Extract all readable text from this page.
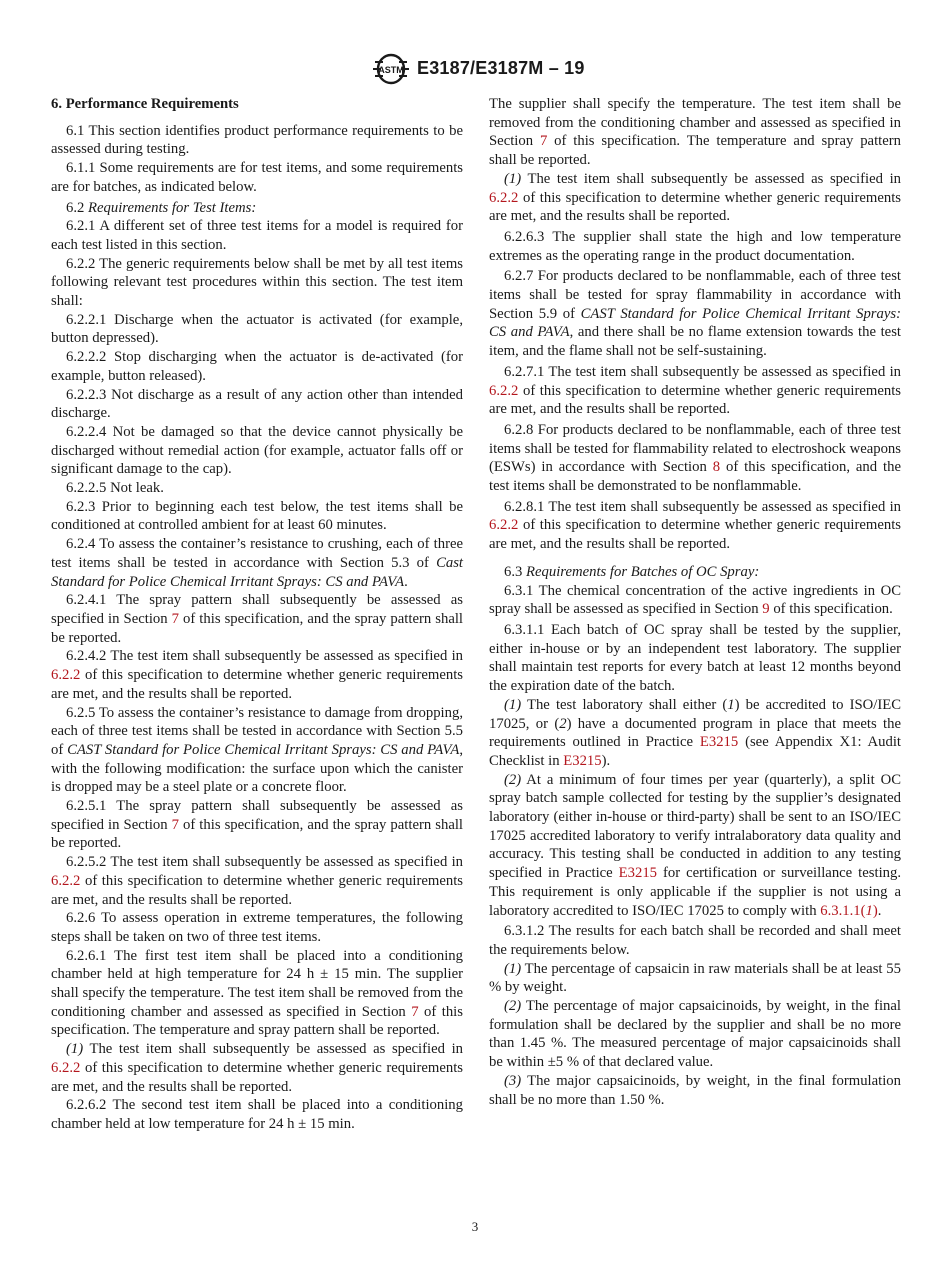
ASTM E3187/E3187M – 19
6. Performance Requirements

6.1 This section identifies product performance requirements to be assessed during testing.

6.1.1 Some requirements are for test items, and some requirements are for batches, as indicated below.

6.2 Requirements for Test Items:

6.2.1 A different set of three test items for a model is required for each test listed in this section.

6.2.2 The generic requirements below shall be met by all test items following relevant test procedures within this section. The test item shall:

6.2.2.1 Discharge when the actuator is activated (for example, button depressed).

6.2.2.2 Stop discharging when the actuator is de-activated (for example, button released).

6.2.2.3 Not discharge as a result of any action other than intended discharge.

6.2.2.4 Not be damaged so that the device cannot physically be discharged without remedial action (for example, actuator falls off or significant damage to the cap).

6.2.2.5 Not leak.

6.2.3 Prior to beginning each test below, the test items shall be conditioned at controlled ambient for at least 60 minutes.

6.2.4 To assess the container’s resistance to crushing, each of three test items shall be tested in accordance with Section 5.3 of Cast Standard for Police Chemical Irritant Sprays: CS and PAVA.

6.2.4.1 The spray pattern shall subsequently be assessed as specified in Section 7 of this specification, and the spray pattern shall be reported.

6.2.4.2 The test item shall subsequently be assessed as specified in 6.2.2 of this specification to determine whether generic requirements are met, and the results shall be reported.

6.2.5 To assess the container’s resistance to damage from dropping, each of three test items shall be tested in accordance with Section 5.5 of CAST Standard for Police Chemical Irritant Sprays: CS and PAVA, with the following modification: the surface upon which the canister is dropped may be a steel plate or a concrete floor.

6.2.5.1 The spray pattern shall subsequently be assessed as specified in Section 7 of this specification, and the spray pattern shall be reported.

6.2.5.2 The test item shall subsequently be assessed as specified in 6.2.2 of this specification to determine whether generic requirements are met, and the results shall be reported.

6.2.6 To assess operation in extreme temperatures, the following steps shall be taken on two of three test items.

6.2.6.1 The first test item shall be placed into a conditioning chamber held at high temperature for 24 h ± 15 min. The supplier shall specify the temperature. The test item shall be removed from the conditioning chamber and assessed as specified in Section 7 of this specification. The temperature and spray pattern shall be reported.

(1) The test item shall subsequently be assessed as specified in 6.2.2 of this specification to determine whether generic requirements are met, and the results shall be reported.

6.2.6.2 The second test item shall be placed into a conditioning chamber held at low temperature for 24 h ± 15 min.

The supplier shall specify the temperature. The test item shall be removed from the conditioning chamber and assessed as specified in Section 7 of this specification. The temperature and spray pattern shall be reported.

(1) The test item shall subsequently be assessed as specified in 6.2.2 of this specification to determine whether generic requirements are met, and the results shall be reported.

6.2.6.3 The supplier shall state the high and low temperature extremes as the operating range in the product documentation.

6.2.7 For products declared to be nonflammable, each of three test items shall be tested for spray flammability in accordance with Section 5.9 of CAST Standard for Police Chemical Irritant Sprays: CS and PAVA, and there shall be no flame extension towards the test item, and the flame shall not be self-sustaining.

6.2.7.1 The test item shall subsequently be assessed as specified in 6.2.2 of this specification to determine whether generic requirements are met, and the results shall be reported.

6.2.8 For products declared to be nonflammable, each of three test items shall be tested for flammability related to electroshock weapons (ESWs) in accordance with Section 8 of this specification, and the test items shall be demonstrated to be nonflammable.

6.2.8.1 The test item shall subsequently be assessed as specified in 6.2.2 of this specification to determine whether generic requirements are met, and the results shall be reported.

6.3 Requirements for Batches of OC Spray:

6.3.1 The chemical concentration of the active ingredients in OC spray shall be assessed as specified in Section 9 of this specification.

6.3.1.1 Each batch of OC spray shall be tested by the supplier, either in-house or by an independent test laboratory. The supplier shall maintain test reports for every batch at least 12 months beyond the expiration date of the batch.

(1) The test laboratory shall either (1) be accredited to ISO/IEC 17025, or (2) have a documented program in place that meets the requirements outlined in Practice E3215 (see Appendix X1: Audit Checklist in E3215).

(2) At a minimum of four times per year (quarterly), a split OC spray batch sample collected for testing by the supplier’s designated laboratory (either in-house or third-party) shall be sent to an ISO/IEC 17025 accredited laboratory to verify intralaboratory data quality and accuracy. This testing shall be conducted in addition to any testing specified in Practice E3215 for certification or surveillance testing. This requirement is only applicable if the supplier is not using a laboratory accredited to ISO/IEC 17025 to comply with 6.3.1.1(1).

6.3.1.2 The results for each batch shall be recorded and shall meet the requirements below.

(1) The percentage of capsaicin in raw materials shall be at least 55 % by weight.

(2) The percentage of major capsaicinoids, by weight, in the final formulation shall be declared by the supplier and shall be no more than 1.45 %. The measured percentage of major capsaicinoids shall be within ±5 % of that declared value.

(3) The major capsaicinoids, by weight, in the final formulation shall be no more than 1.50 %.

3
